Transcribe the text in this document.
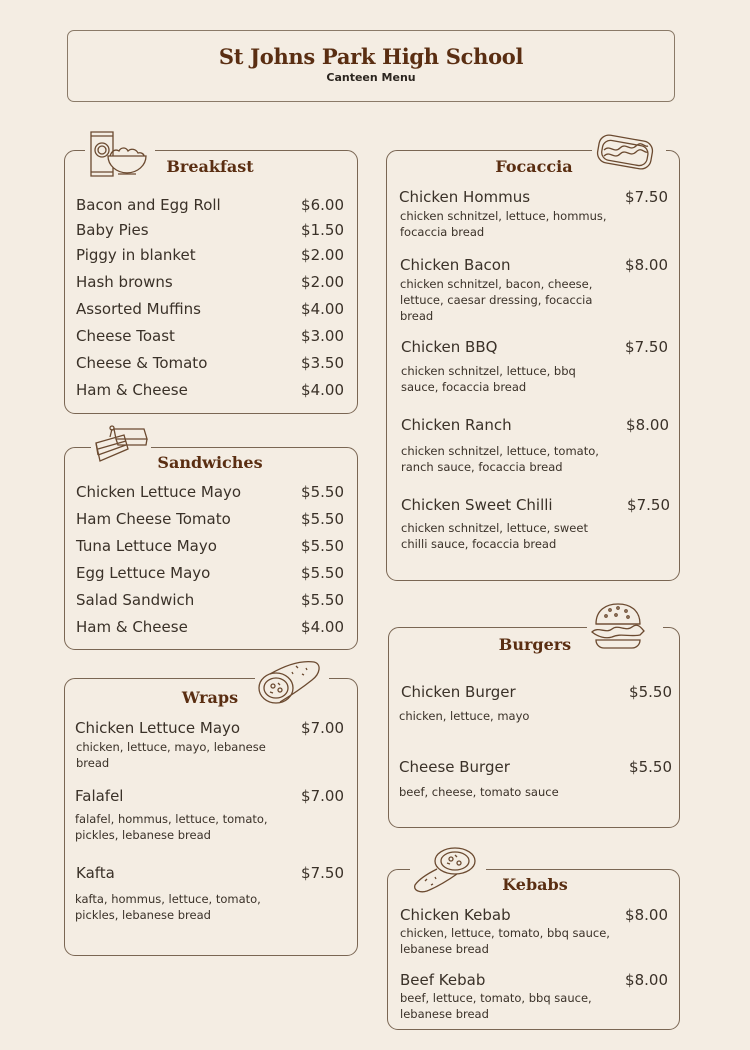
St Johns Park High School
Canteen Menu
Breakfast
Bacon and Egg Roll	$6.00
Baby Pies	$1.50
Piggy in blanket	$2.00
Hash browns	$2.00
Assorted Muffins	$4.00
Cheese Toast	$3.00
Cheese & Tomato	$3.50
Ham & Cheese	$4.00
Sandwiches
Chicken Lettuce Mayo	$5.50
Ham Cheese Tomato	$5.50
Tuna Lettuce Mayo	$5.50
Egg Lettuce Mayo	$5.50
Salad Sandwich	$5.50
Ham & Cheese	$4.00
Wraps
Chicken Lettuce Mayo	$7.00
chicken, lettuce, mayo, lebanese bread
Falafel	$7.00
falafel, hommus, lettuce, tomato, pickles, lebanese bread
Kafta	$7.50
kafta, hommus, lettuce, tomato, pickles, lebanese bread
Focaccia
Chicken Hommus	$7.50
chicken schnitzel, lettuce, hommus, focaccia bread
Chicken Bacon	$8.00
chicken schnitzel, bacon, cheese, lettuce, caesar dressing, focaccia bread
Chicken BBQ	$7.50
chicken schnitzel, lettuce, bbq sauce, focaccia bread
Chicken Ranch	$8.00
chicken schnitzel, lettuce, tomato, ranch sauce, focaccia bread
Chicken Sweet Chilli	$7.50
chicken schnitzel, lettuce, sweet chilli sauce, focaccia bread
Burgers
Chicken Burger	$5.50
chicken, lettuce, mayo
Cheese Burger	$5.50
beef, cheese, tomato sauce
Kebabs
Chicken Kebab	$8.00
chicken, lettuce, tomato, bbq sauce, lebanese bread
Beef Kebab	$8.00
beef, lettuce, tomato, bbq sauce, lebanese bread
